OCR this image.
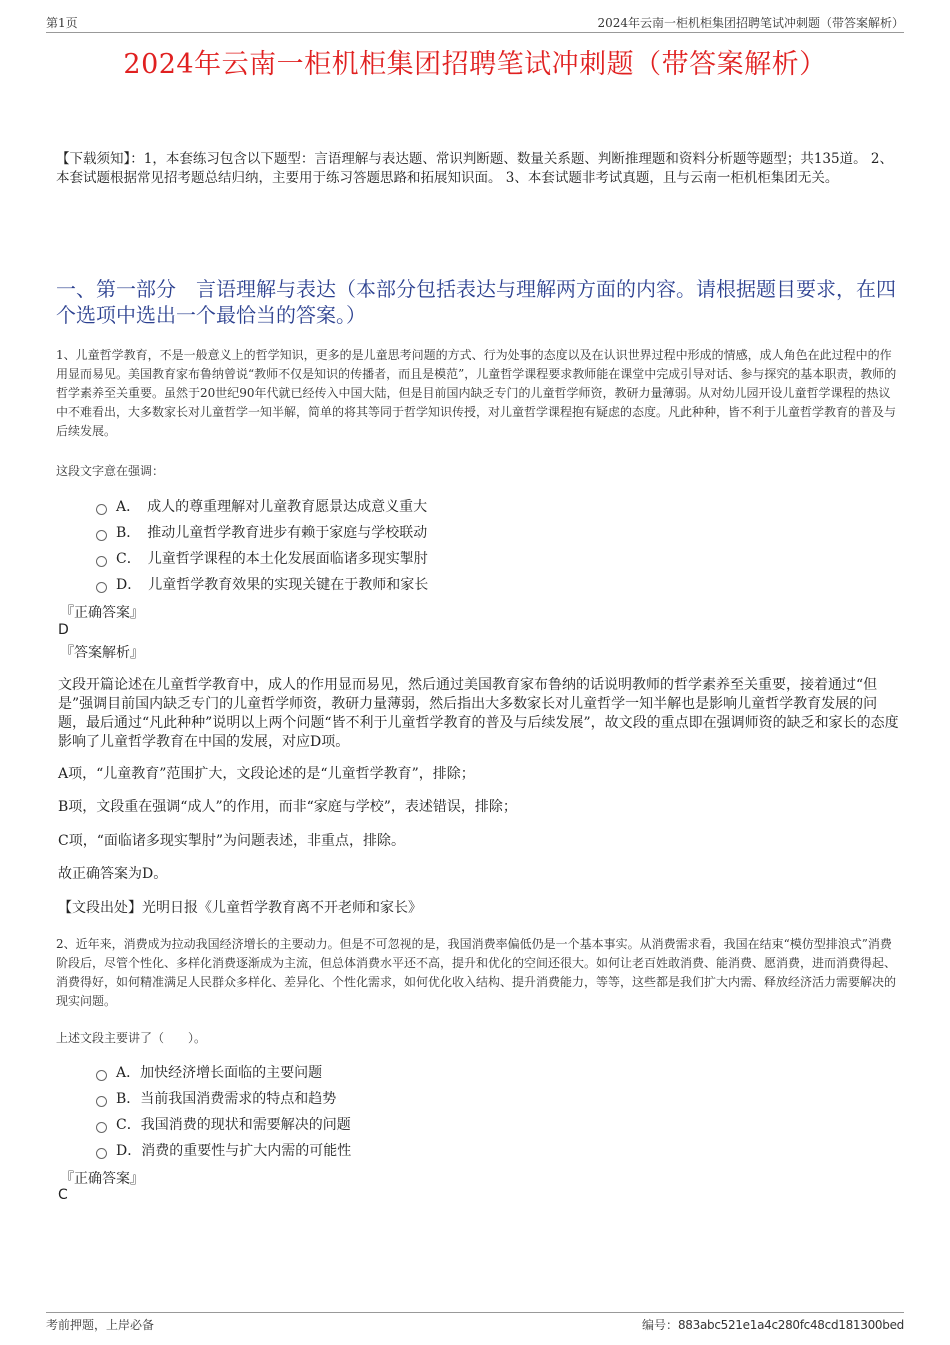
第1页	2024年云南一柜机柜集团招聘笔试冲刺题（带答案解析）
2024年云南一柜机柜集团招聘笔试冲刺题（带答案解析）
【下载须知】：1，本套练习包含以下题型：言语理解与表达题、常识判断题、数量关系题、判断推理题和资料分析题等题型；共135道。 2、本套试题根据常见招考题总结归纳，主要用于练习答题思路和拓展知识面。 3、本套试题非考试真题，且与云南一柜机柜集团无关。
一、第一部分　言语理解与表达（本部分包括表达与理解两方面的内容。请根据题目要求，在四个选项中选出一个最恰当的答案。）
1、儿童哲学教育，不是一般意义上的哲学知识，更多的是儿童思考问题的方式、行为处事的态度以及在认识世界过程中形成的情感，成人角色在此过程中的作用显而易见。美国教育家布鲁纳曾说“教师不仅是知识的传播者，而且是模范”，儿童哲学课程要求教师能在课堂中完成引导对话、参与探究的基本职责，教师的哲学素养至关重要。虽然于20世纪90年代就已经传入中国大陆，但是目前国内缺乏专门的儿童哲学师资，教研力量薄弱。从对幼儿园开设儿童哲学课程的热议中不难看出，大多数家长对儿童哲学一知半解，简单的将其等同于哲学知识传授，对儿童哲学课程抱有疑虑的态度。凡此种种，皆不利于儿童哲学教育的普及与后续发展。
这段文字意在强调：
A．　成人的尊重理解对儿童教育愿景达成意义重大
B．　推动儿童哲学教育进步有赖于家庭与学校联动
C．　儿童哲学课程的本土化发展面临诸多现实掣肘
D．　儿童哲学教育效果的实现关键在于教师和家长
『正确答案』
D
『答案解析』
文段开篇论述在儿童哲学教育中，成人的作用显而易见，然后通过美国教育家布鲁纳的话说明教师的哲学素养至关重要，接着通过“但是”强调目前国内缺乏专门的儿童哲学师资，教研力量薄弱，然后指出大多数家长对儿童哲学一知半解也是影响儿童哲学教育发展的问题，最后通过“凡此种种”说明以上两个问题“皆不利于儿童哲学教育的普及与后续发展”，故文段的重点即在强调师资的缺乏和家长的态度影响了儿童哲学教育在中国的发展，对应D项。
A项，“儿童教育”范围扩大，文段论述的是“儿童哲学教育”，排除；
B项，文段重在强调“成人”的作用，而非“家庭与学校”，表述错误，排除；
C项，“面临诸多现实掣肘”为问题表述，非重点，排除。
故正确答案为D。
【文段出处】光明日报《儿童哲学教育离不开老师和家长》
2、近年来，消费成为拉动我国经济增长的主要动力。但是不可忽视的是，我国消费率偏低仍是一个基本事实。从消费需求看，我国在结束“模仿型排浪式”消费阶段后，尽管个性化、多样化消费逐渐成为主流，但总体消费水平还不高，提升和优化的空间还很大。如何让老百姓敢消费、能消费、愿消费，进而消费得起、消费得好，如何精准满足人民群众多样化、差异化、个性化需求，如何优化收入结构、提升消费能力，等等，这些都是我们扩大内需、释放经济活力需要解决的现实问题。
上述文段主要讲了（　　）。
A．加快经济增长面临的主要问题
B．当前我国消费需求的特点和趋势
C．我国消费的现状和需要解决的问题
D．消费的重要性与扩大内需的可能性
『正确答案』
C
考前押题，上岸必备	编号：883abc521e1a4c280fc48cd181300bed
